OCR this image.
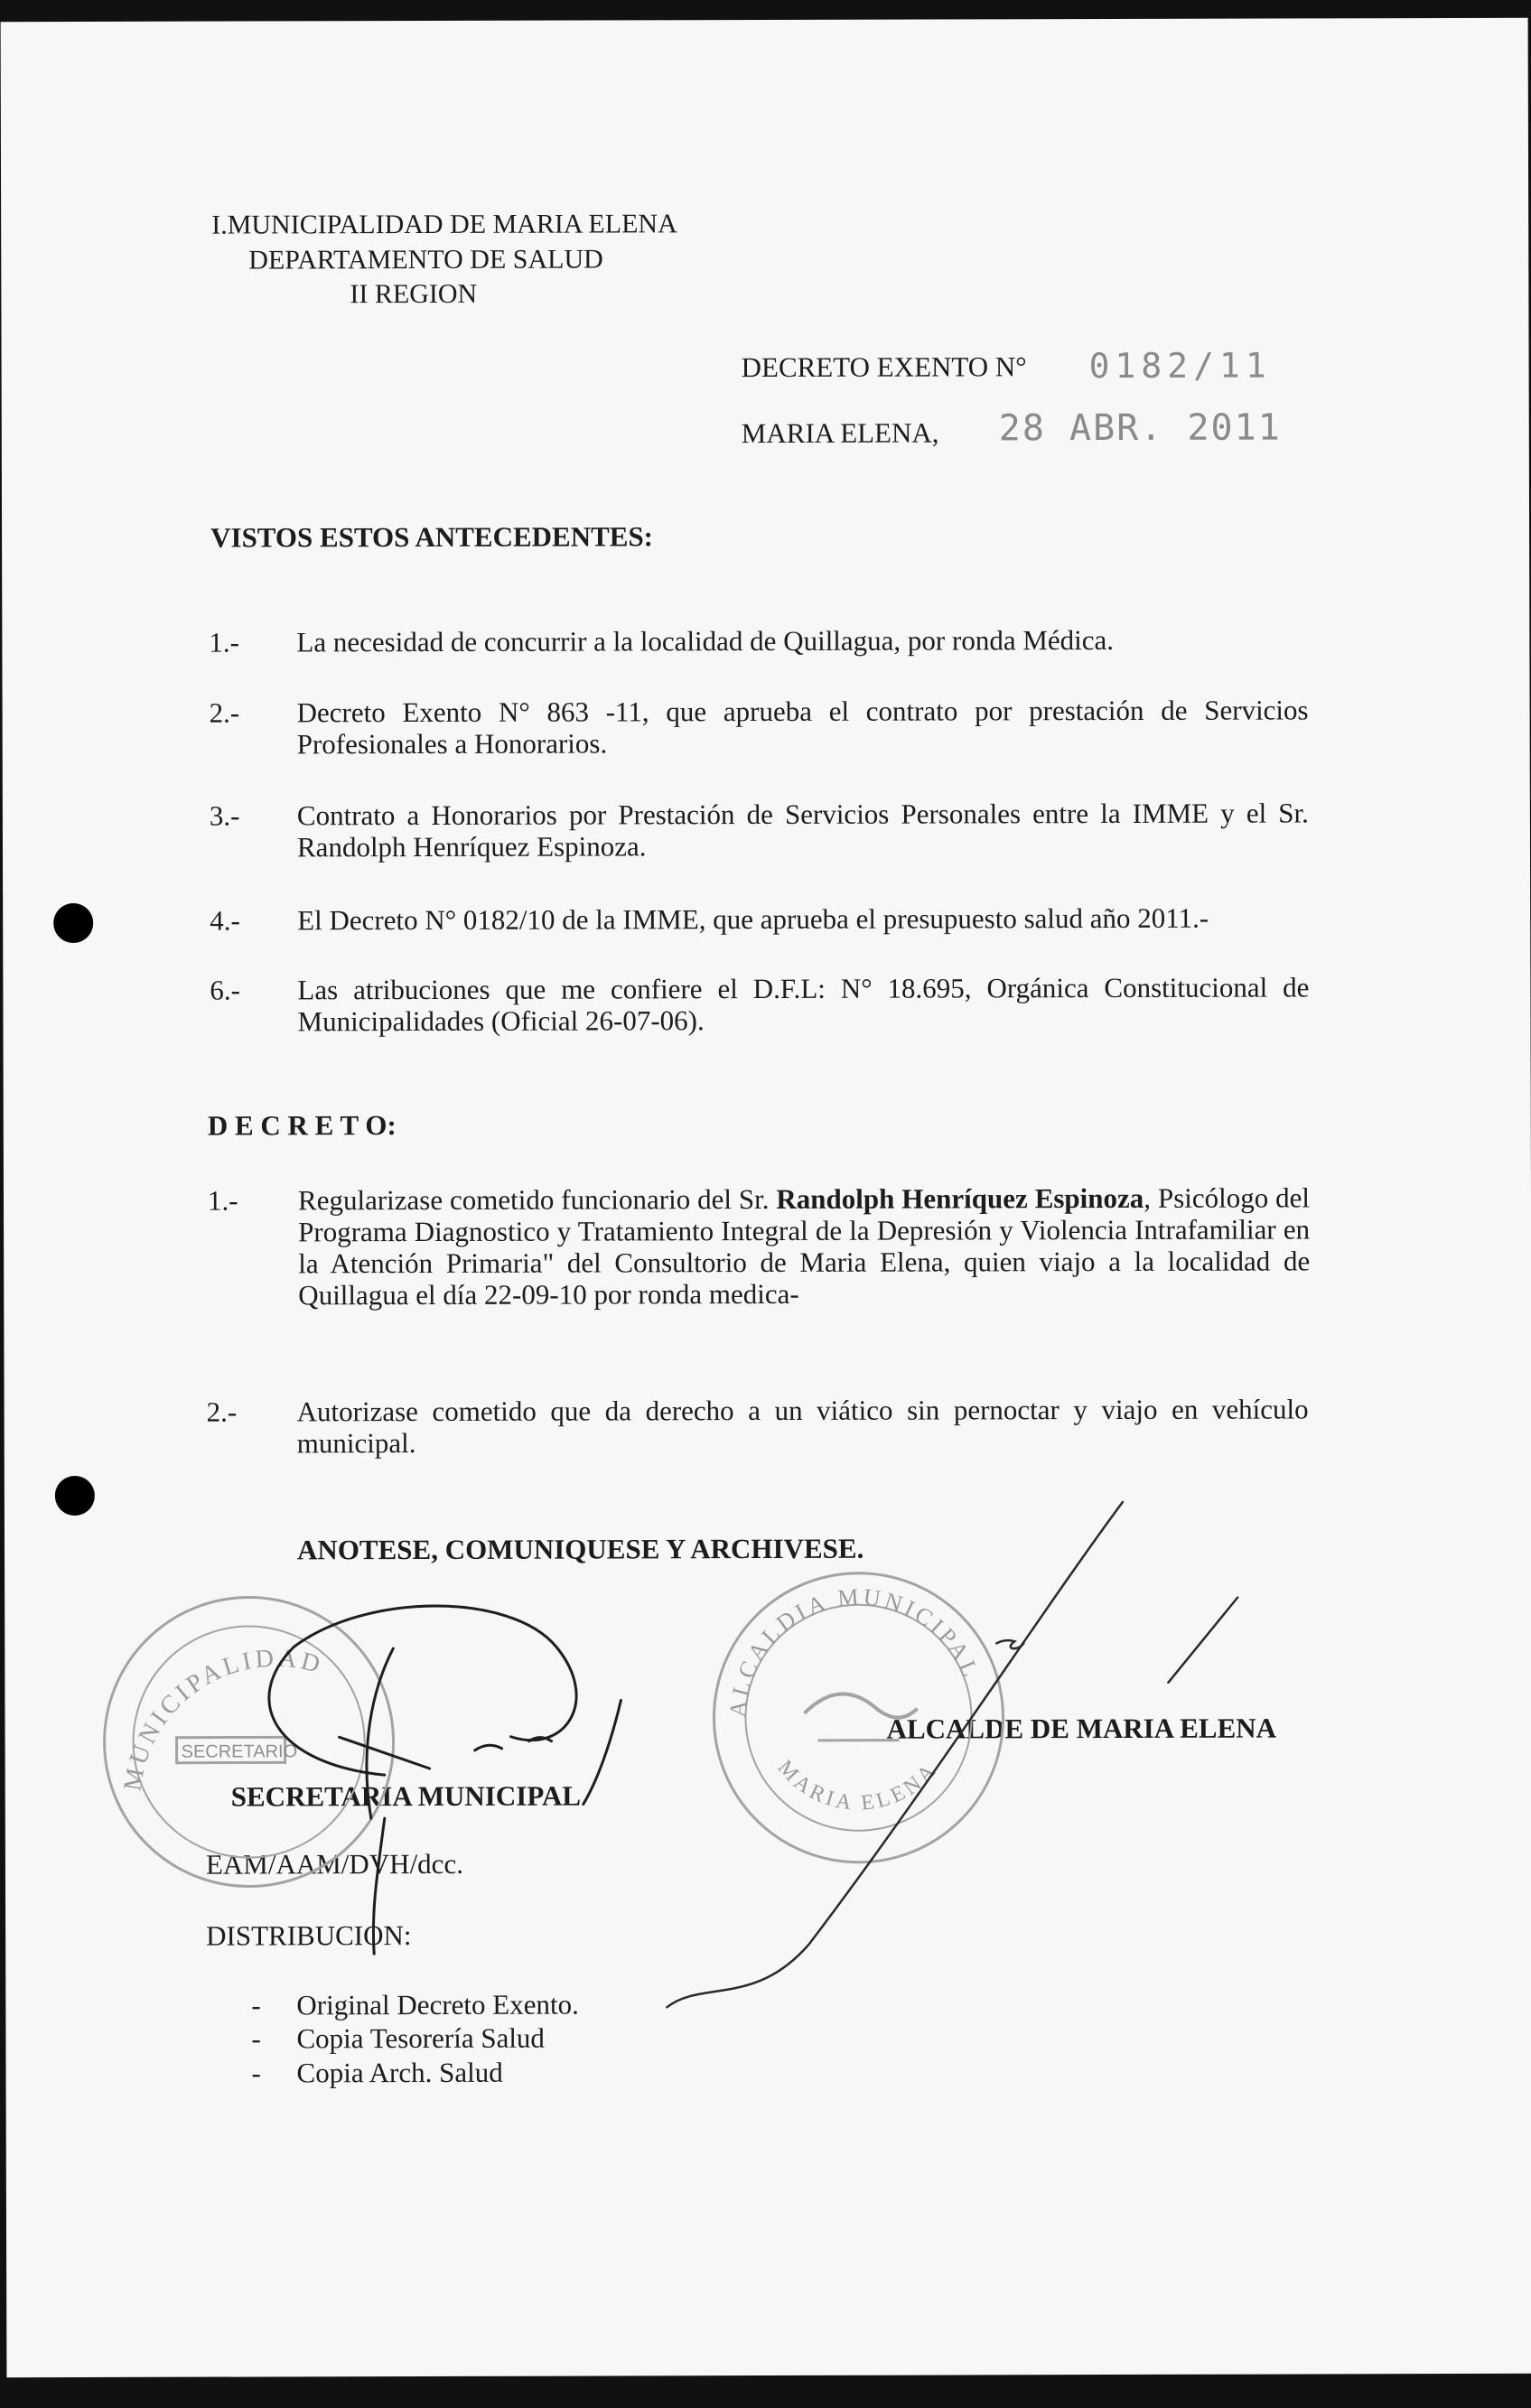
I.MUNICIPALIDAD DE MARIA ELENA
DEPARTAMENTO DE SALUD
II REGION
DECRETO EXENTO N° 0182/11
MARIA ELENA, 28 ABR. 2011
VISTOS ESTOS ANTECEDENTES:
1.- La necesidad de concurrir a la localidad de Quillagua, por ronda Médica.
2.- Decreto Exento N° 863 -11, que aprueba el contrato por prestación de Servicios Profesionales a Honorarios.
3.- Contrato a Honorarios por Prestación de Servicios Personales entre la IMME y el Sr. Randolph Henríquez Espinoza.
4.- El Decreto N° 0182/10 de la IMME, que aprueba el presupuesto salud año 2011.-
6.- Las atribuciones que me confiere el D.F.L: N° 18.695, Orgánica Constitucional de Municipalidades (Oficial 26-07-06).
D E C R E T O:
1.- Regularizase cometido funcionario del Sr. Randolph Henríquez Espinoza, Psicólogo del Programa Diagnostico y Tratamiento Integral de la Depresión y Violencia Intrafamiliar en la Atención Primaria" del Consultorio de Maria Elena, quien viajo a la localidad de Quillagua el día 22-09-10 por ronda medica-
2.- Autorizase cometido que da derecho a un viático sin pernoctar y viajo en vehículo municipal.
ANOTESE, COMUNIQUESE Y ARCHIVESE.
ALCALDE DE MARIA ELENA
SECRETARIA MUNICIPAL
EAM/AAM/DVH/dcc.
DISTRIBUCION:
- Original Decreto Exento.
- Copia Tesorería Salud
- Copia Arch. Salud
ALCALDIA MUNICIPAL
MARIA ELENA
MUNICIPALIDAD
SECRETARIO
